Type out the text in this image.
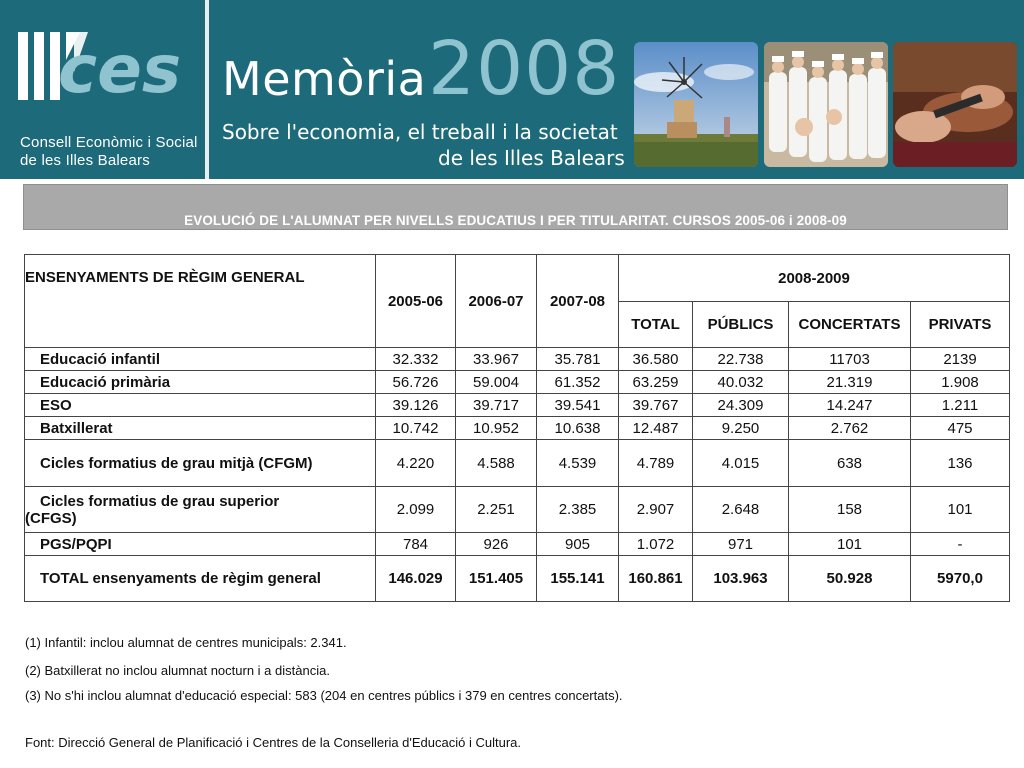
ces
Consell Econòmic i Social
de les Illes Balears
Memòria 2008
Sobre l'economia, el treball i la societat
de les Illes Balears
EVOLUCIÓ DE L'ALUMNAT PER NIVELLS EDUCATIUS I PER TITULARITAT. CURSOS 2005-06 i 2008-09
ENSENYAMENTS DE RÈGIM GENERAL	2005-06	2006-07	2007-08	2008-2009			
				TOTAL	PÚBLICS	CONCERTATS	PRIVATS
Educació infantil	32.332	33.967	35.781	36.580	22.738	11703	2139
Educació primària	56.726	59.004	61.352	63.259	40.032	21.319	1.908
ESO	39.126	39.717	39.541	39.767	24.309	14.247	1.211
Batxillerat	10.742	10.952	10.638	12.487	9.250	2.762	475
Cicles formatius de grau mitjà (CFGM)	4.220	4.588	4.539	4.789	4.015	638	136

Cicles formatius de grau superior
(CFGS)	2.099	2.251	2.385	2.907	2.648	158	101
PGS/PQPI	784	926	905	1.072	971	101	-
TOTAL ensenyaments de règim general	146.029	151.405	155.141	160.861	103.963	50.928	5970,0
(1) Infantil: inclou alumnat de centres municipals: 2.341.
(2) Batxillerat no inclou alumnat nocturn i a distància.
(3) No s'hi inclou alumnat d'educació especial: 583 (204 en centres públics i 379 en centres concertats).
Font: Direcció General de Planificació i Centres de la Conselleria d'Educació i Cultura.
